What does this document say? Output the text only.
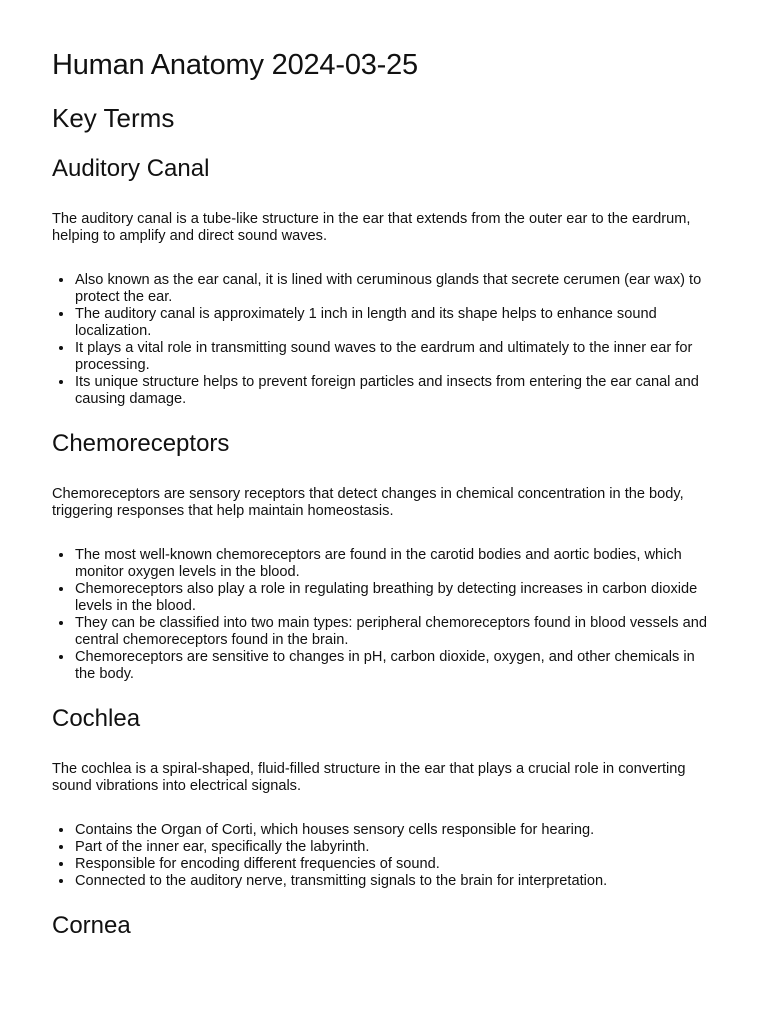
Human Anatomy 2024-03-25
Key Terms
Auditory Canal

The auditory canal is a tube-like structure in the ear that extends from the outer ear to the eardrum, helping to amplify and direct sound waves.

• Also known as the ear canal, it is lined with ceruminous glands that secrete cerumen (ear wax) to protect the ear.
• The auditory canal is approximately 1 inch in length and its shape helps to enhance sound localization.
• It plays a vital role in transmitting sound waves to the eardrum and ultimately to the inner ear for processing.
• Its unique structure helps to prevent foreign particles and insects from entering the ear canal and causing damage.
Chemoreceptors

Chemoreceptors are sensory receptors that detect changes in chemical concentration in the body, triggering responses that help maintain homeostasis.

• The most well-known chemoreceptors are found in the carotid bodies and aortic bodies, which monitor oxygen levels in the blood.
• Chemoreceptors also play a role in regulating breathing by detecting increases in carbon dioxide levels in the blood.
• They can be classified into two main types: peripheral chemoreceptors found in blood vessels and central chemoreceptors found in the brain.
• Chemoreceptors are sensitive to changes in pH, carbon dioxide, oxygen, and other chemicals in the body.
Cochlea

The cochlea is a spiral-shaped, fluid-filled structure in the ear that plays a crucial role in converting sound vibrations into electrical signals.

• Contains the Organ of Corti, which houses sensory cells responsible for hearing.
• Part of the inner ear, specifically the labyrinth.
• Responsible for encoding different frequencies of sound.
• Connected to the auditory nerve, transmitting signals to the brain for interpretation.
Cornea
